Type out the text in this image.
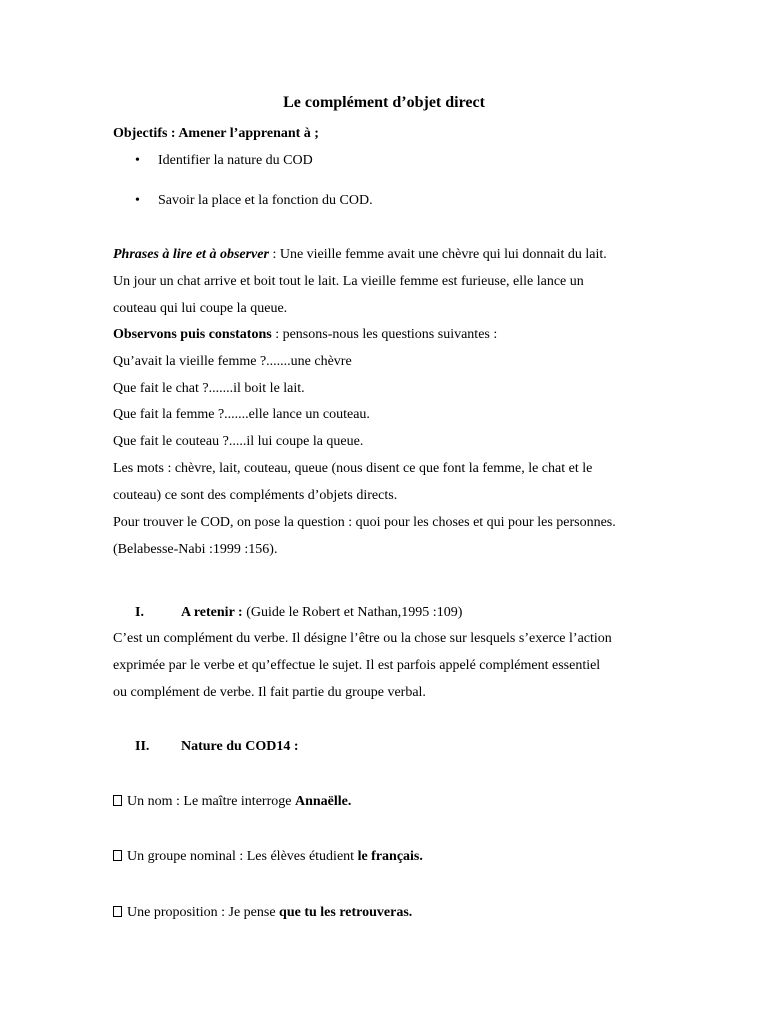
Le complément d’objet direct
Objectifs : Amener l’apprenant à ;
• Identifier la nature du COD
• Savoir la place et la fonction du COD.
Phrases à lire et à observer : Une vieille femme avait une chèvre qui lui donnait du lait.
Un jour un chat arrive et boit tout le lait. La vieille femme est furieuse, elle lance un
couteau qui lui coupe la queue.
Observons puis constatons : pensons-nous les questions suivantes :
Qu’avait la vieille femme ?.......une chèvre
Que fait le chat ?.......il boit le lait.
Que fait la femme ?.......elle lance un couteau.
Que fait le couteau ?.....il lui coupe la queue.
Les mots : chèvre, lait, couteau, queue (nous disent ce que font la femme, le chat et le
couteau) ce sont des compléments d’objets directs.
Pour trouver le COD, on pose la question : quoi pour les choses et qui pour les personnes.
(Belabesse-Nabi :1999 :156).
I.	A retenir : (Guide le Robert et Nathan,1995 :109)
C’est un complément du verbe. Il désigne l’être ou la chose sur lesquels s’exerce l’action
exprimée par le verbe et qu’effectue le sujet. Il est parfois appelé complément essentiel
ou complément de verbe. Il fait partie du groupe verbal.
II. Nature du COD14 :
Un nom : Le maître interroge Annaëlle.
Un groupe nominal : Les élèves étudient le français.
Une proposition : Je pense que tu les retrouveras.
